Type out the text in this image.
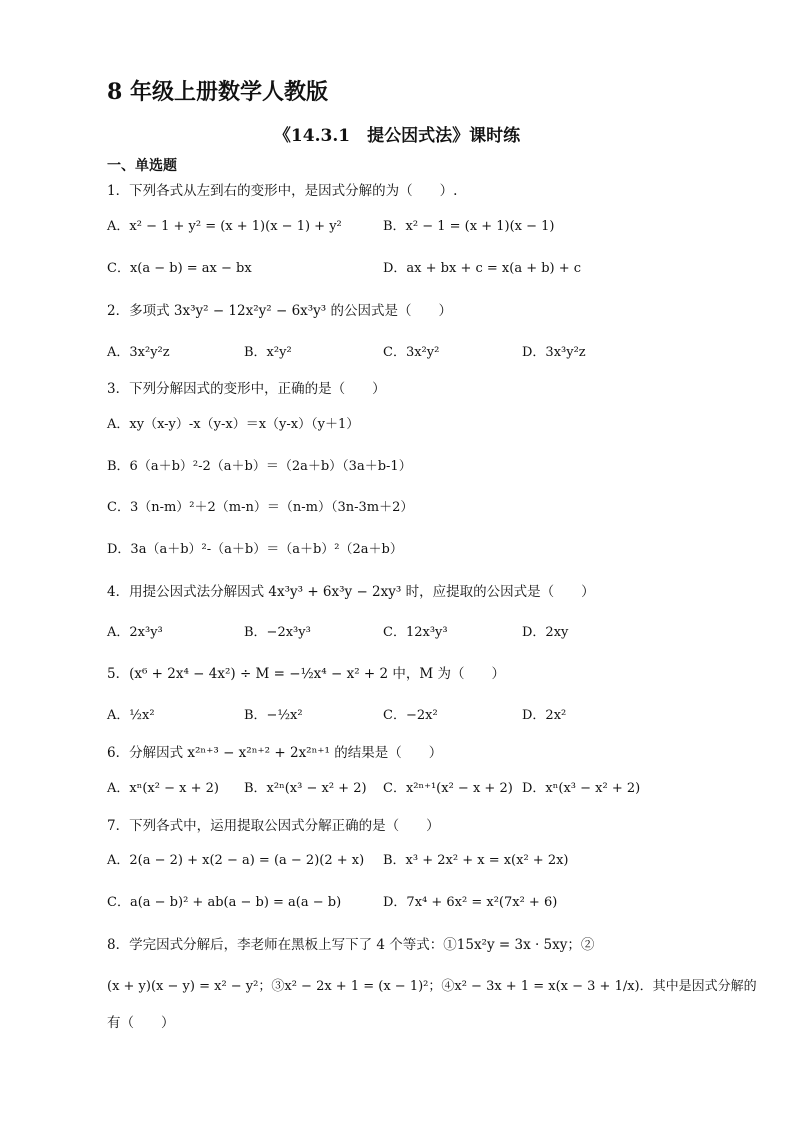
8 年级上册数学人教版
《14.3.1　提公因式法》课时练
一、单选题
1．下列各式从左到右的变形中，是因式分解的为（　　）.
A．x² − 1 + y² = (x + 1)(x − 1) + y²	B．x² − 1 = (x + 1)(x − 1)
C．x(a − b) = ax − bx	D．ax + bx + c = x(a + b) + c
2．多项式 3x³y² − 12x²y² − 6x³y³ 的公因式是（　　）
A．3x²y²z	B．x²y²	C．3x²y²	D．3x³y²z
3．下列分解因式的变形中，正确的是（　　）
A．xy（x-y）-x（y-x）＝x（y-x）（y＋1）
B．6（a＋b）²-2（a＋b）＝（2a＋b）（3a＋b-1）
C．3（n-m）²＋2（m-n）＝（n-m）（3n-3m＋2）
D．3a（a＋b）²-（a＋b）＝（a＋b）²（2a＋b）
4．用提公因式法分解因式 4x³y³ + 6x³y − 2xy³ 时，应提取的公因式是（　　）
A．2x³y³	B．−2x³y³	C．12x³y³	D．2xy
5．(x⁶ + 2x⁴ − 4x²) ÷ M = −½x⁴ − x² + 2 中，M 为（　　）
A．½x²	B．−½x²	C．−2x²	D．2x²
6．分解因式 x²ⁿ⁺³ − x²ⁿ⁺² + 2x²ⁿ⁺¹ 的结果是（　　）
A．xⁿ(x² − x + 2) B．x²ⁿ(x³ − x² + 2) C．x²ⁿ⁺¹(x² − x + 2) D．xⁿ(x³ − x² + 2)
7．下列各式中，运用提取公因式分解正确的是（　　）
A．2(a − 2) + x(2 − a) = (a − 2)(2 + x) B．x³ + 2x² + x = x(x² + 2x)
C．a(a − b)² + ab(a − b) = a(a − b)	D．7x⁴ + 6x² = x²(7x² + 6)
8．学完因式分解后，李老师在黑板上写下了 4 个等式：①15x²y = 3x · 5xy；②
(x + y)(x − y) = x² − y²；③x² − 2x + 1 = (x − 1)²；④x² − 3x + 1 = x(x − 3 + 1/x)．其中是因式分解的
有（　　）
